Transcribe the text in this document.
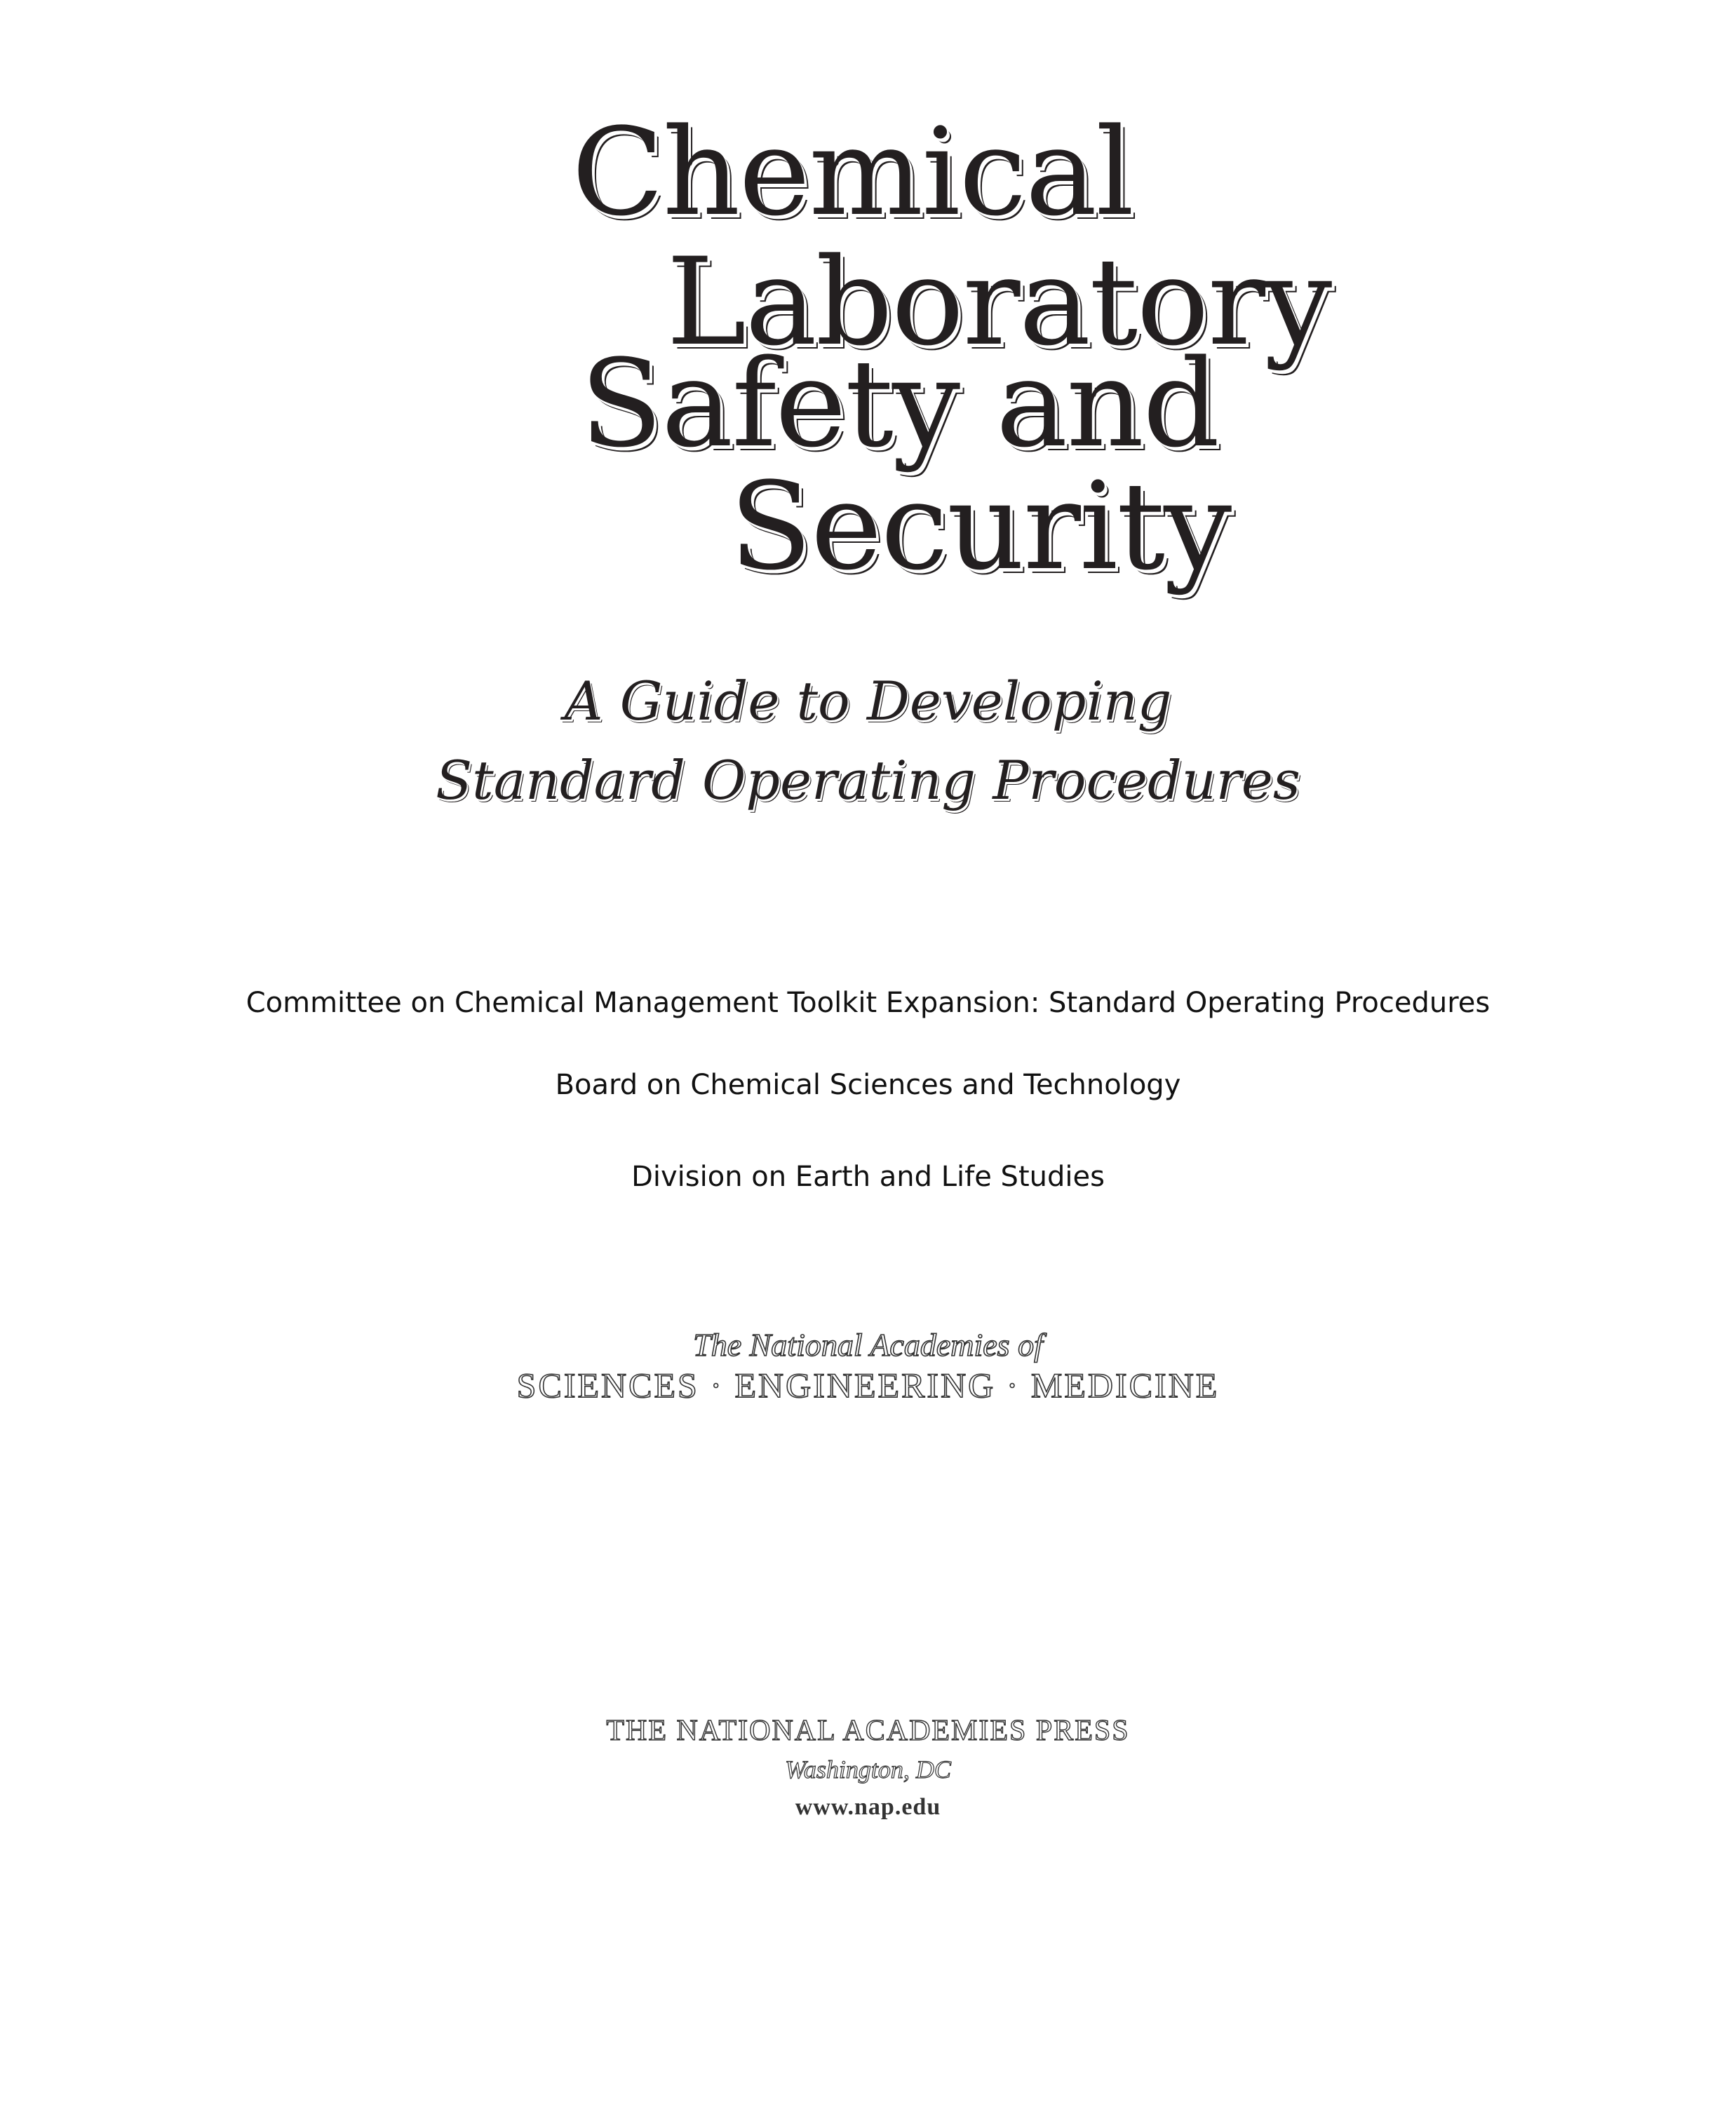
Chemical
Laboratory
Safety and
Security
A Guide to Developing
Standard Operating Procedures
Committee on Chemical Management Toolkit Expansion: Standard Operating Procedures
Board on Chemical Sciences and Technology
Division on Earth and Life Studies
The National Academies of
SCIENCES · ENGINEERING · MEDICINE
THE NATIONAL ACADEMIES PRESS
Washington, DC
www.nap.edu
